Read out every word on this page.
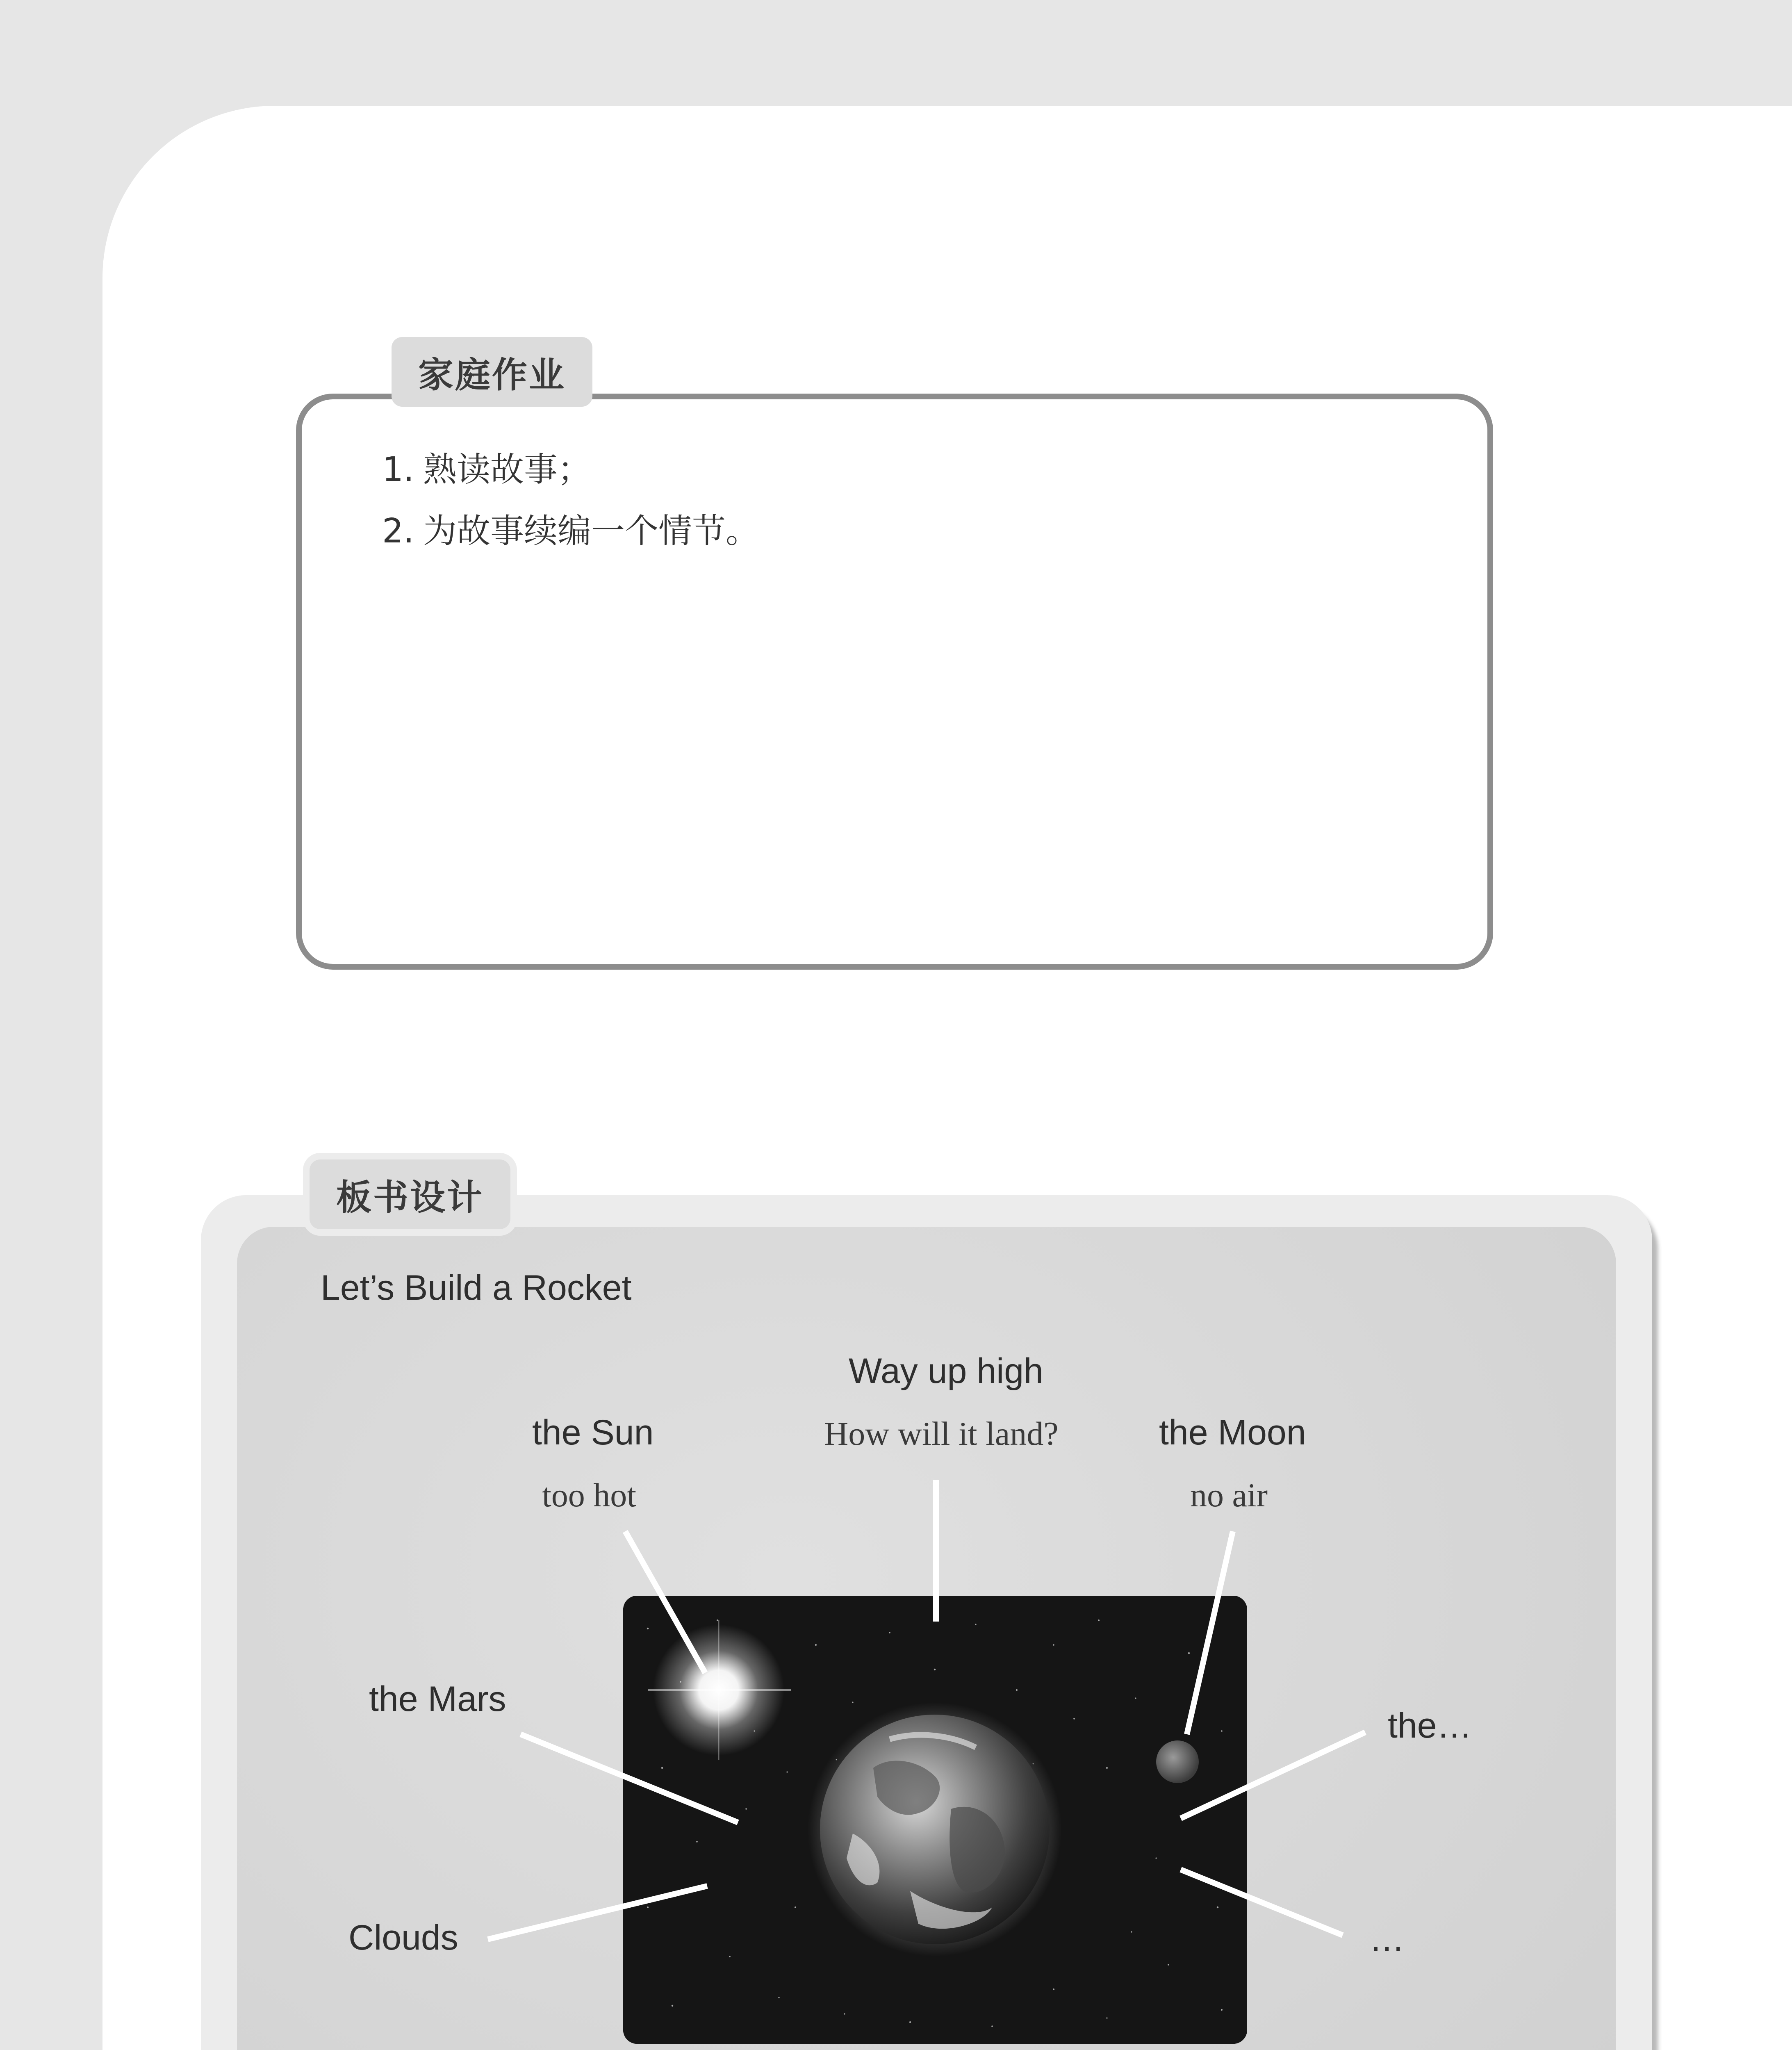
家庭作业
1. 熟读故事；
2. 为故事续编一个情节。
板书设计
Let’s Build a Rocket
Way up high
How will it land?
the Sun
too hot
the Moon
no air
the Mars
Clouds
the…
…
